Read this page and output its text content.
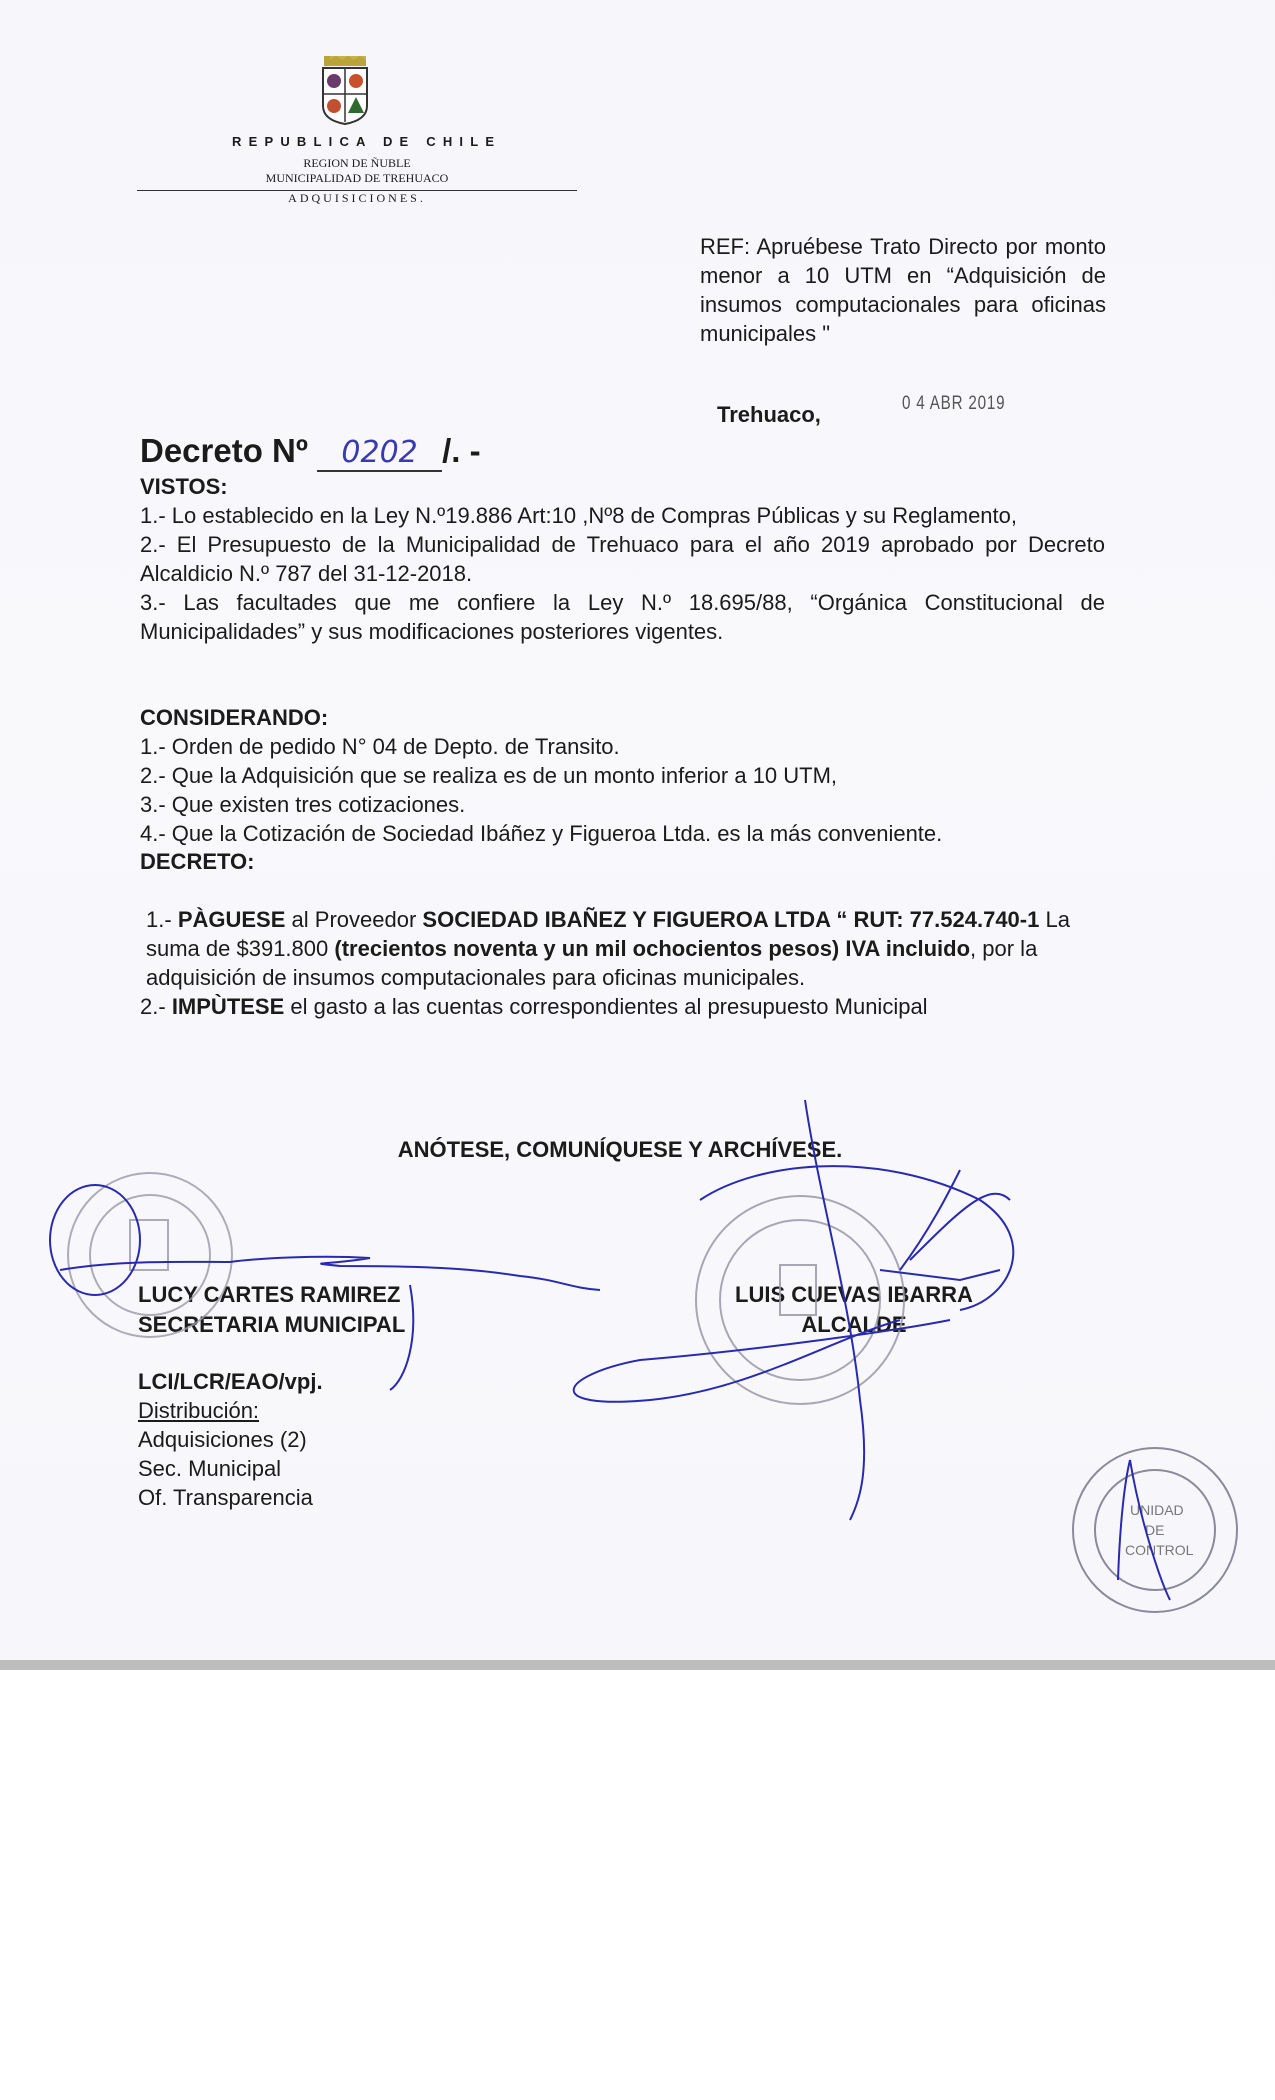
REPUBLICA DE CHILE
REGION DE ÑUBLE
MUNICIPALIDAD DE TREHUACO
ADQUISICIONES.
REF: Apruébese Trato Directo por monto menor a 10 UTM en “Adquisición de insumos computacionales para oficinas municipales "
Trehuaco,	0 4 ABR 2019
Decreto Nº 0202 /. -

VISTOS:

1.- Lo establecido en la Ley N.º19.886 Art:10 ,Nº8 de Compras Públicas y su Reglamento,

2.- El Presupuesto de la Municipalidad de Trehuaco para el año 2019 aprobado por Decreto Alcaldicio N.º 787 del 31-12-2018.

3.- Las facultades que me confiere la Ley N.º 18.695/88, “Orgánica Constitucional de Municipalidades” y sus modificaciones posteriores vigentes.

CONSIDERANDO:

1.- Orden de pedido N° 04 de Depto. de Transito.

2.- Que la Adquisición que se realiza es de un monto inferior a 10 UTM,

3.- Que existen tres cotizaciones.

4.- Que la Cotización de Sociedad Ibáñez y Figueroa Ltda. es la más conveniente.

DECRETO:

1.- PÀGUESE al Proveedor SOCIEDAD IBAÑEZ Y FIGUEROA LTDA “ RUT: 77.524.740-1 La suma de $391.800 (trecientos noventa y un mil ochocientos pesos) IVA incluido, por la adquisición de insumos computacionales para oficinas municipales.

2.- IMPÙTESE el gasto a las cuentas correspondientes al presupuesto Municipal

ANÓTESE, COMUNÍQUESE Y ARCHÍVESE.
LUCY CARTES RAMIREZ
SECRETARIA MUNICIPAL
LUIS CUEVAS IBARRA
ALCALDE
LCI/LCR/EAO/vpj.
Distribución:
Adquisiciones (2)
Sec. Municipal
Of. Transparencia	UNIDAD
DE
CONTROL
